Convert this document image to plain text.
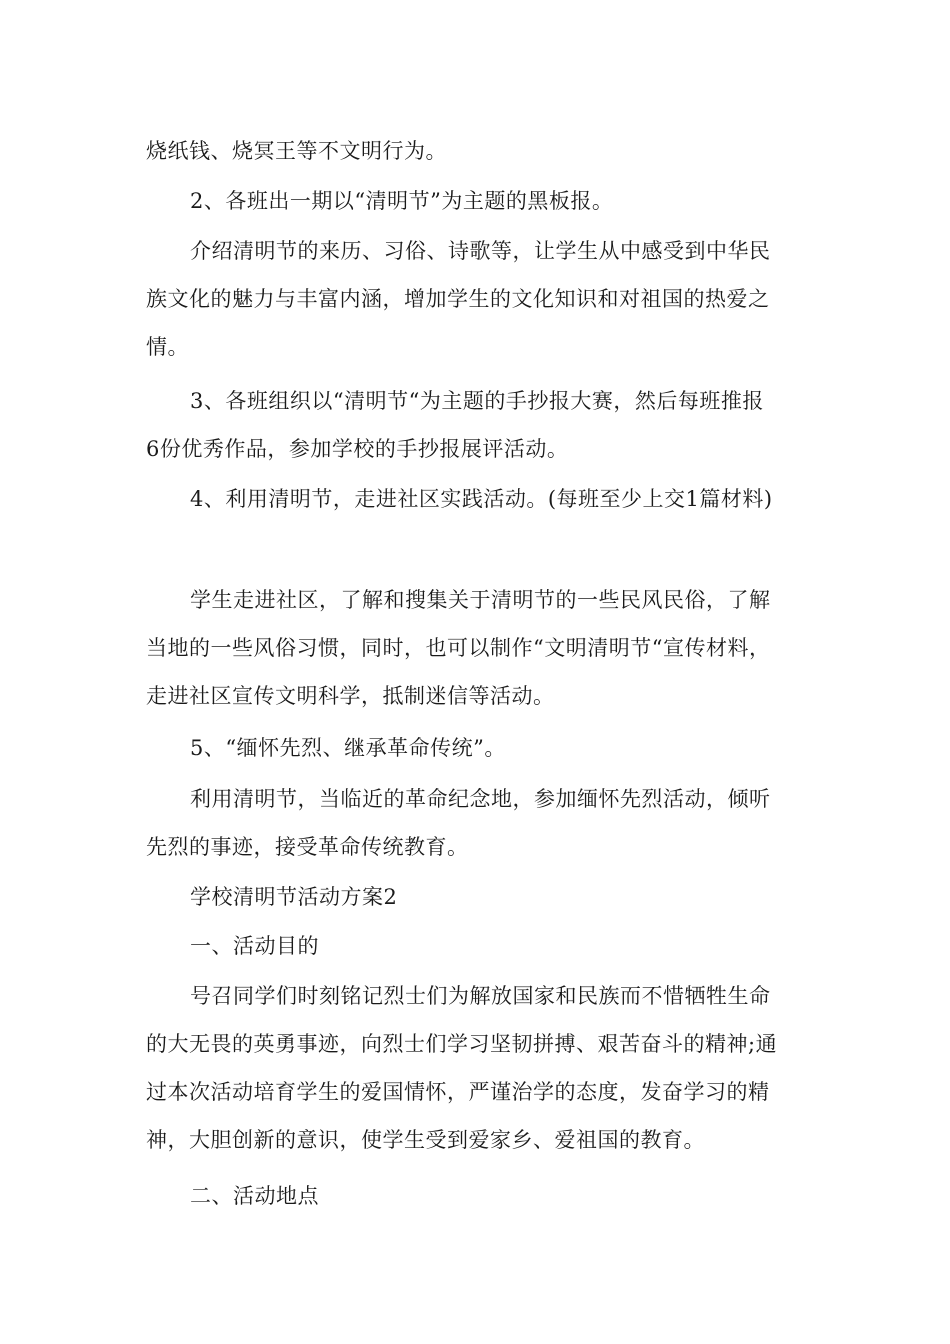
烧纸钱、烧冥王等不文明行为。
2、各班出一期以“清明节”为主题的黑板报。
介绍清明节的来历、习俗、诗歌等，让学生从中感受到中华民
族文化的魅力与丰富内涵，增加学生的文化知识和对祖国的热爱之
情。
3、各班组织以“清明节“为主题的手抄报大赛，然后每班推报
6份优秀作品，参加学校的手抄报展评活动。
4、利用清明节，走进社区实践活动。(每班至少上交1篇材料)
学生走进社区，了解和搜集关于清明节的一些民风民俗，了解
当地的一些风俗习惯，同时，也可以制作“文明清明节“宣传材料，
走进社区宣传文明科学，抵制迷信等活动。
5、“缅怀先烈、继承革命传统”。
利用清明节，当临近的革命纪念地，参加缅怀先烈活动，倾听
先烈的事迹，接受革命传统教育。
学校清明节活动方案2
一、活动目的
号召同学们时刻铭记烈士们为解放国家和民族而不惜牺牲生命
的大无畏的英勇事迹，向烈士们学习坚韧拼搏、艰苦奋斗的精神;通
过本次活动培育学生的爱国情怀，严谨治学的态度，发奋学习的精
神，大胆创新的意识，使学生受到爱家乡、爱祖国的教育。
二、活动地点
